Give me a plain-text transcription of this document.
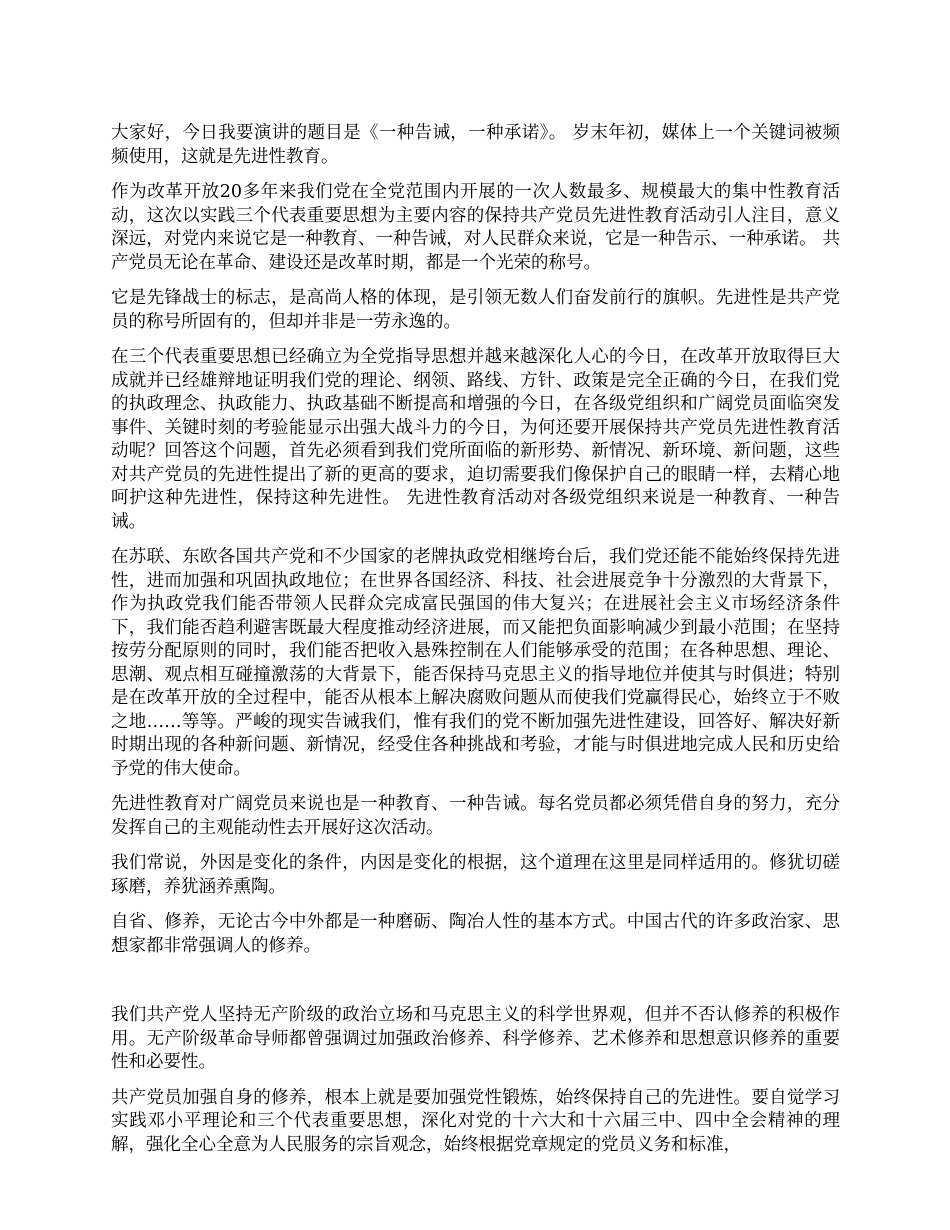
大家好，今日我要演讲的题目是《一种告诫，一种承诺》。 岁末年初，媒体上一个关键词被频频使用，这就是先进性教育。

作为改革开放20多年来我们党在全党范围内开展的一次人数最多、规模最大的集中性教育活动，这次以实践三个代表重要思想为主要内容的保持共产党员先进性教育活动引人注目，意义深远，对党内来说它是一种教育、一种告诫，对人民群众来说，它是一种告示、一种承诺。 共产党员无论在革命、建设还是改革时期，都是一个光荣的称号。

它是先锋战士的标志，是高尚人格的体现，是引领无数人们奋发前行的旗帜。先进性是共产党员的称号所固有的，但却并非是一劳永逸的。

在三个代表重要思想已经确立为全党指导思想并越来越深化人心的今日，在改革开放取得巨大成就并已经雄辩地证明我们党的理论、纲领、路线、方针、政策是完全正确的今日，在我们党的执政理念、执政能力、执政基础不断提高和增强的今日，在各级党组织和广阔党员面临突发事件、关键时刻的考验能显示出强大战斗力的今日，为何还要开展保持共产党员先进性教育活动呢？回答这个问题，首先必须看到我们党所面临的新形势、新情况、新环境、新问题，这些对共产党员的先进性提出了新的更高的要求，迫切需要我们像保护自己的眼睛一样，去精心地呵护这种先进性，保持这种先进性。 先进性教育活动对各级党组织来说是一种教育、一种告诫。

在苏联、东欧各国共产党和不少国家的老牌执政党相继垮台后，我们党还能不能始终保持先进性，进而加强和巩固执政地位；在世界各国经济、科技、社会进展竞争十分激烈的大背景下，作为执政党我们能否带领人民群众完成富民强国的伟大复兴；在进展社会主义市场经济条件下，我们能否趋利避害既最大程度推动经济进展，而又能把负面影响减少到最小范围；在坚持按劳分配原则的同时，我们能否把收入悬殊控制在人们能够承受的范围；在各种思想、理论、思潮、观点相互碰撞激荡的大背景下，能否保持马克思主义的指导地位并使其与时俱进；特别是在改革开放的全过程中，能否从根本上解决腐败问题从而使我们党赢得民心，始终立于不败之地……等等。严峻的现实告诫我们，惟有我们的党不断加强先进性建设，回答好、解决好新时期出现的各种新问题、新情况，经受住各种挑战和考验，才能与时俱进地完成人民和历史给予党的伟大使命。

先进性教育对广阔党员来说也是一种教育、一种告诫。每名党员都必须凭借自身的努力，充分发挥自己的主观能动性去开展好这次活动。

我们常说，外因是变化的条件，内因是变化的根据，这个道理在这里是同样适用的。修犹切磋琢磨，养犹涵养熏陶。

自省、修养，无论古今中外都是一种磨砺、陶冶人性的基本方式。中国古代的许多政治家、思想家都非常强调人的修养。

我们共产党人坚持无产阶级的政治立场和马克思主义的科学世界观，但并不否认修养的积极作用。无产阶级革命导师都曾强调过加强政治修养、科学修养、艺术修养和思想意识修养的重要性和必要性。

共产党员加强自身的修养，根本上就是要加强党性锻炼，始终保持自己的先进性。要自觉学习实践邓小平理论和三个代表重要思想，深化对党的十六大和十六届三中、四中全会精神的理解，强化全心全意为人民服务的宗旨观念，始终根据党章规定的党员义务和标准，
